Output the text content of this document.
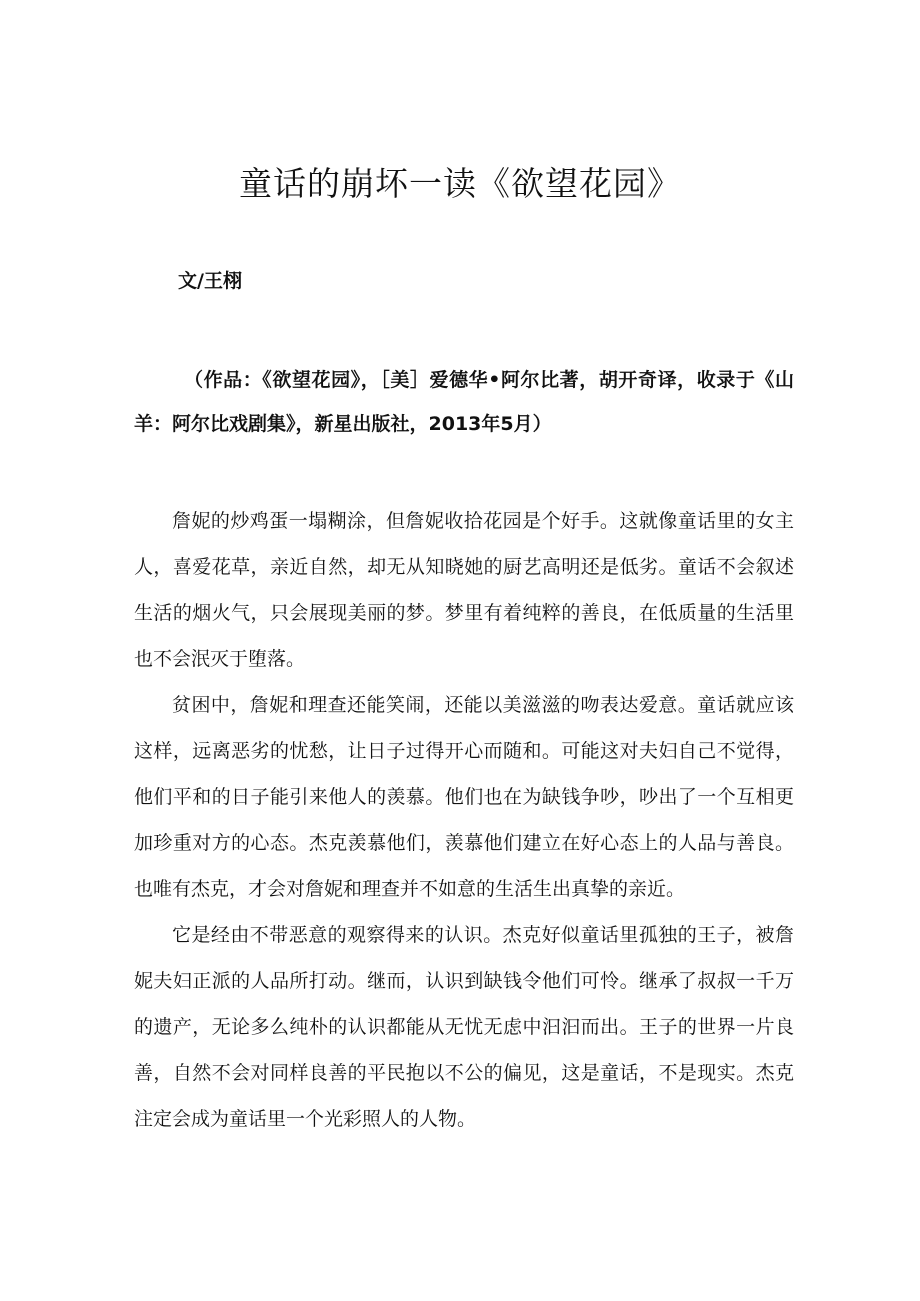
童话的崩坏一读《欲望花园》

文/王栩

（作品：《欲望花园》，［美］爱德华•阿尔比著，胡开奇译，收录于《山羊：阿尔比戏剧集》，新星出版社，2013年5月）

詹妮的炒鸡蛋一塌糊涂，但詹妮收拾花园是个好手。这就像童话里的女主人，喜爱花草，亲近自然，却无从知晓她的厨艺高明还是低劣。童话不会叙述生活的烟火气，只会展现美丽的梦。梦里有着纯粹的善良，在低质量的生活里也不会泯灭于堕落。

贫困中，詹妮和理查还能笑闹，还能以美滋滋的吻表达爱意。童话就应该这样，远离恶劣的忧愁，让日子过得开心而随和。可能这对夫妇自己不觉得，他们平和的日子能引来他人的羡慕。他们也在为缺钱争吵，吵出了一个互相更加珍重对方的心态。杰克羡慕他们，羡慕他们建立在好心态上的人品与善良。也唯有杰克，才会对詹妮和理查并不如意的生活生出真挚的亲近。

它是经由不带恶意的观察得来的认识。杰克好似童话里孤独的王子，被詹妮夫妇正派的人品所打动。继而，认识到缺钱令他们可怜。继承了叔叔一千万的遗产，无论多么纯朴的认识都能从无忧无虑中汩汩而出。王子的世界一片良善，自然不会对同样良善的平民抱以不公的偏见，这是童话，不是现实。杰克注定会成为童话里一个光彩照人的人物。
